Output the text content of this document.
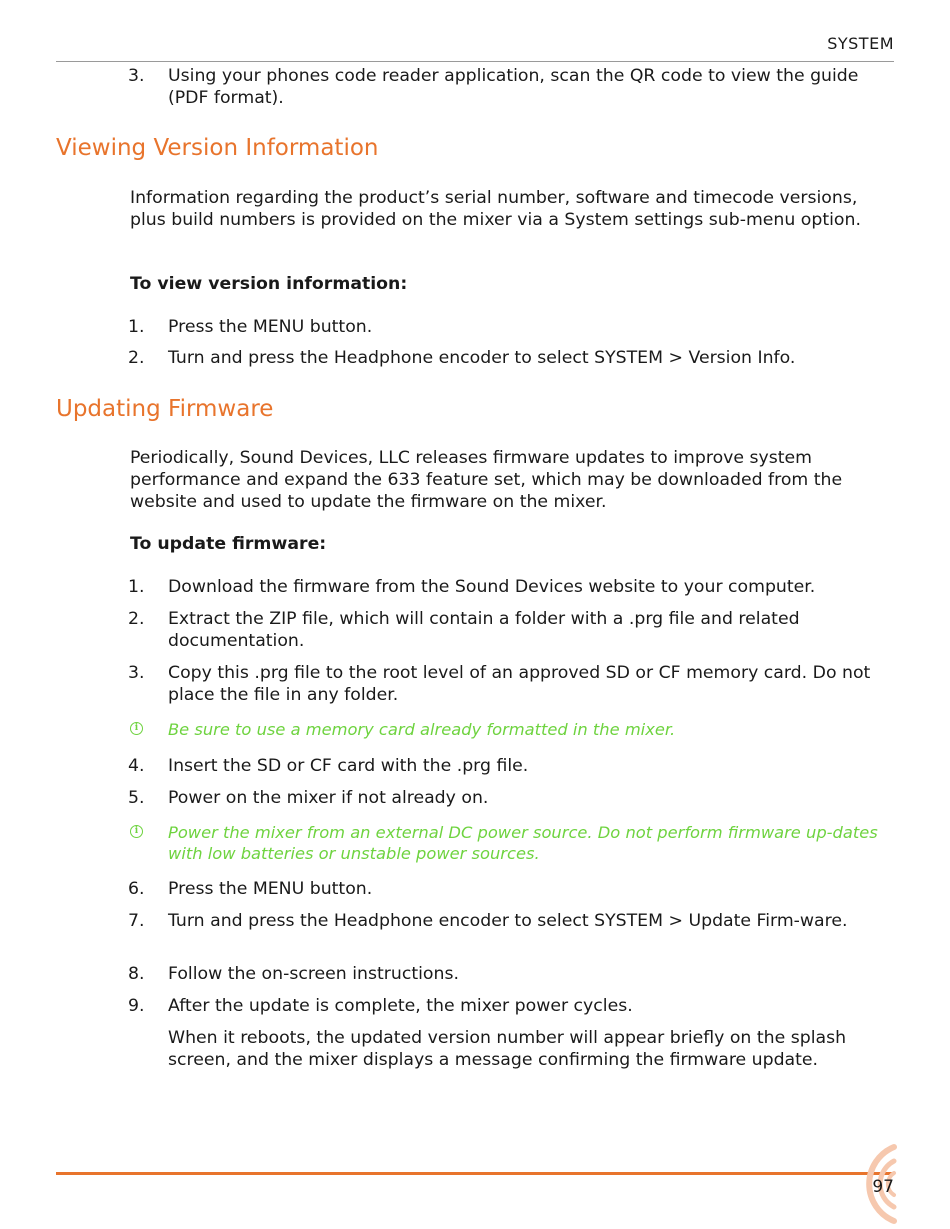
SYSTEM
3. Using your phones code reader application, scan the QR code to view the guide (PDF format).
Viewing Version Information

Information regarding the product’s serial number, software and timecode versions, plus build numbers is provided on the mixer via a System settings sub-menu option.

To view version information:

1. Press the MENU button.
2. Turn and press the Headphone encoder to select SYSTEM > Version Info.
Updating Firmware

Periodically, Sound Devices, LLC releases firmware updates to improve system performance and expand the 633 feature set, which may be downloaded from the website and used to update the firmware on the mixer.

To update firmware:

1. Download the firmware from the Sound Devices website to your computer.
2. Extract the ZIP file, which will contain a folder with a .prg file and related documentation.
3. Copy this .prg file to the root level of an approved SD or CF memory card. Do not place the file in any folder.
i Be sure to use a memory card already formatted in the mixer.
4. Insert the SD or CF card with the .prg file.
5. Power on the mixer if not already on.
i Power the mixer from an external DC power source. Do not perform firmware up-dates with low batteries or unstable power sources.
6. Press the MENU button.
7. Turn and press the Headphone encoder to select SYSTEM > Update Firm-ware.
8. Follow the on-screen instructions.
9. After the update is complete, the mixer power cycles.

When it reboots, the updated version number will appear briefly on the splash screen, and the mixer displays a message confirming the firmware update.

97
